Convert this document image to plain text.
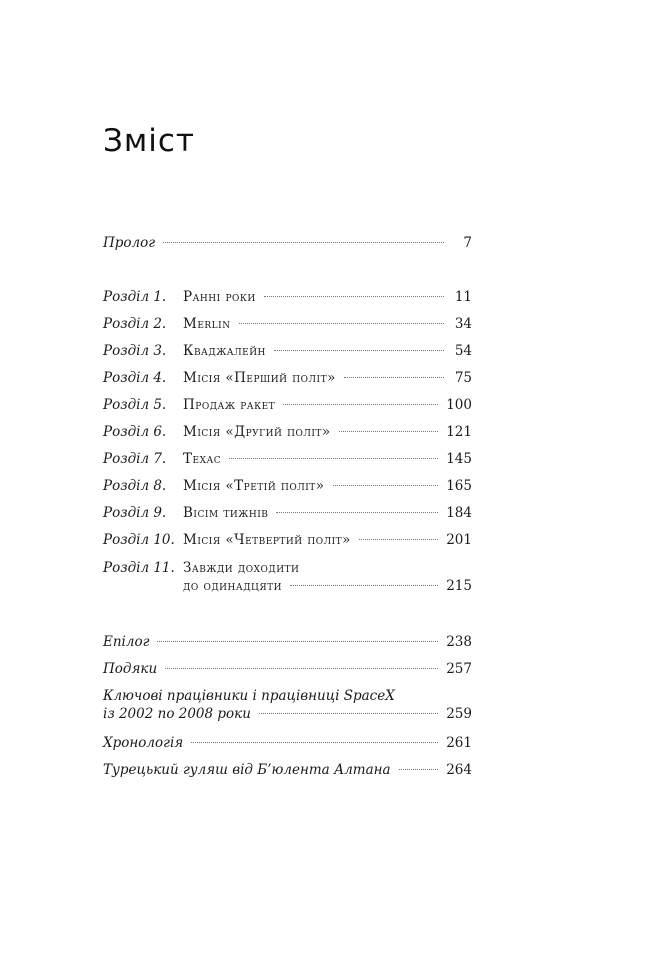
Зміст
Пролог	7
Розділ 1. Ранні роки	11
Розділ 2. Merlin	34
Розділ 3. Кваджалейн	54
Розділ 4. Місія «Перший політ»	75
Розділ 5. Продаж ракет	100
Розділ 6. Місія «Другий політ»	121
Розділ 7. Техас	145
Розділ 8. Місія «Третій політ»	165
Розділ 9. Вісім тижнів	184
Розділ 10. Місія «Четвертий політ»	201
Розділ 11. Завжди доходити
до одинадцяти	215
Епілог	238
Подяки	257
Ключові працівники і працівниці SpaceX
із 2002 по 2008 роки	259
Хронологія	261
Турецький гуляш від Б’юлента Алтана	264
